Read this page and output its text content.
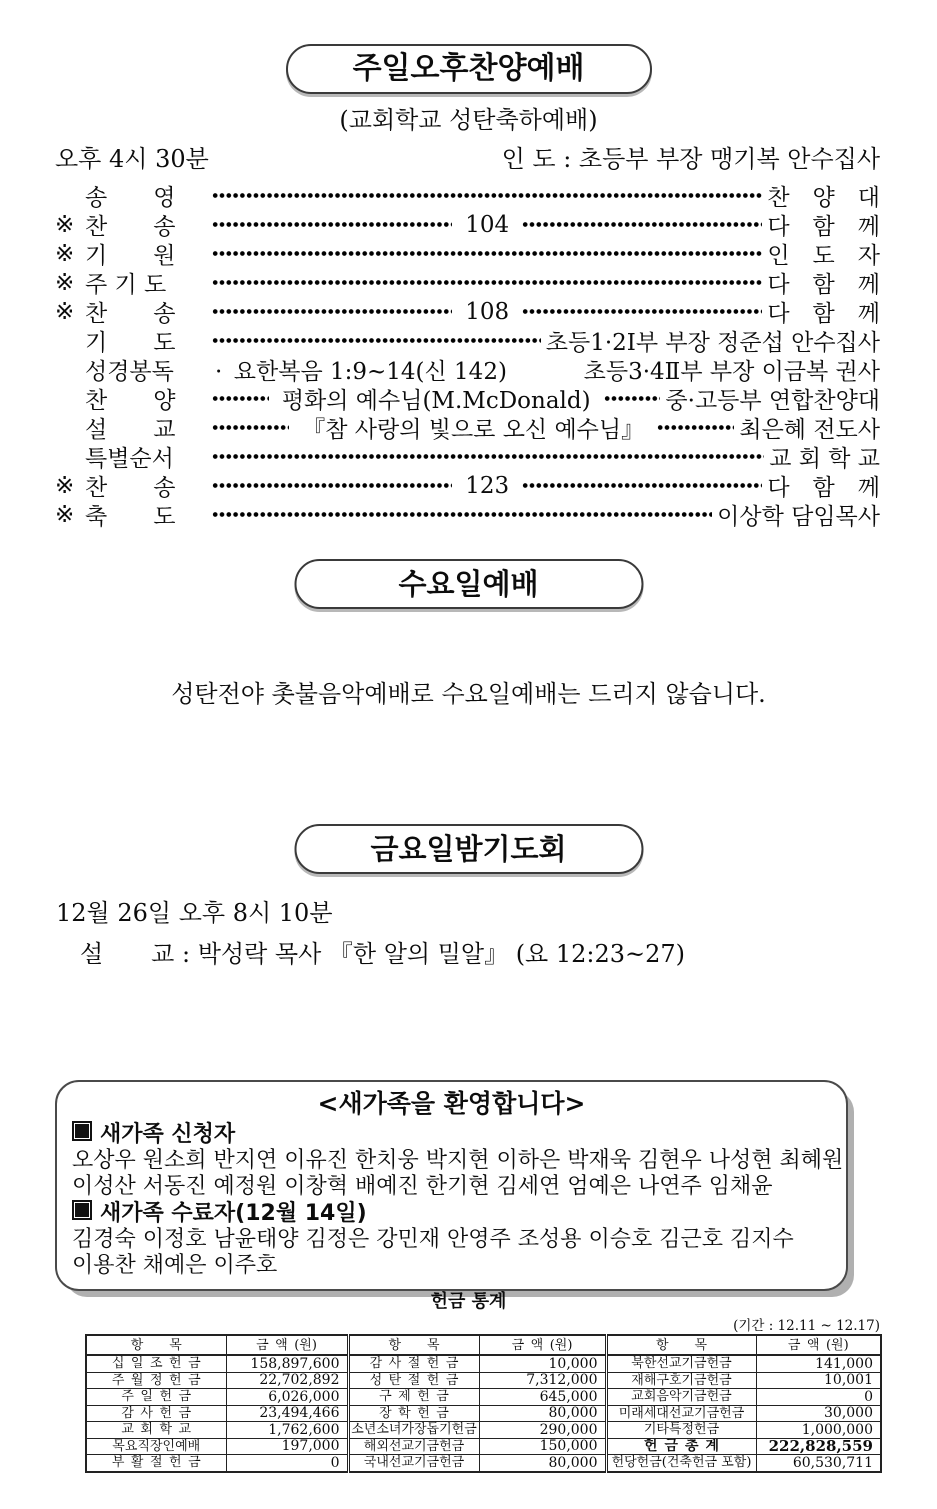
주일오후찬양예배
(교회학교 성탄축하예배)
오후 4시 30분	인 도 : 초등부 부장 맹기복 안수집사
송  영	찬 양 대
※ 찬  송	104	다 함 께
※ 기  원	인 도 자
※ 주 기 도	다 함 께
※ 찬  송	108	다 함 께
기  도	초등1·2Ⅰ부 부장 정준섭 안수집사
성경봉독	· 요한복음 1:9~14(신 142)	초등3·4Ⅱ부 부장 이금복 권사
찬  양	평화의 예수님(M.McDonald)	중·고등부 연합찬양대
설  교	『참 사랑의 빛으로 오신 예수님』	최은혜 전도사
특별순서	교 회 학 교
※ 찬  송	123	다 함 께
※ 축  도	이상학 담임목사
수요일예배
성탄전야 촛불음악예배로 수요일예배는 드리지 않습니다.
금요일밤기도회
12월 26일 오후 8시 10분
설  교 : 박성락 목사 『한 알의 밀알』 (요 12:23~27)
<새가족을 환영합니다>
새가족 신청자
오상우 원소희 반지연 이유진 한치웅 박지현 이하은 박재욱 김현우 나성현 최혜원
이성산 서동진 예정원 이창혁 배예진 한기현 김세연 엄예은 나연주 임채윤
새가족 수료자(12월 14일)
김경숙 이정호 남윤태양 김정은 강민재 안영주 조성용 이승호 김근호 김지수
이용찬 채예은 이주호
헌금 통계
(기간 : 12.11 ~ 12.17)
항  목	금 액 (원)	항  목	금 액 (원)	항  목	금 액 (원)
십 일 조 헌 금	158,897,600	감 사 절 헌 금	10,000	북한선교기금헌금	141,000
주 월 정 헌 금	22,702,892	성 탄 절 헌 금	7,312,000	재해구호기금헌금	10,001
주 일 헌 금	6,026,000	구 제 헌 금	645,000	교회음악기금헌금	0
감 사 헌 금	23,494,466	장 학 헌 금	80,000	미래세대선교기금헌금	30,000
교 회 학 교	1,762,600	소년소녀가장돕기헌금	290,000	기타특정헌금	1,000,000
목요직장인예배	197,000	해외선교기금헌금	150,000	헌 금 총 계	222,828,559
부 활 절 헌 금	0	국내선교기금헌금	80,000	헌당헌금(건축헌금 포함)	60,530,711
